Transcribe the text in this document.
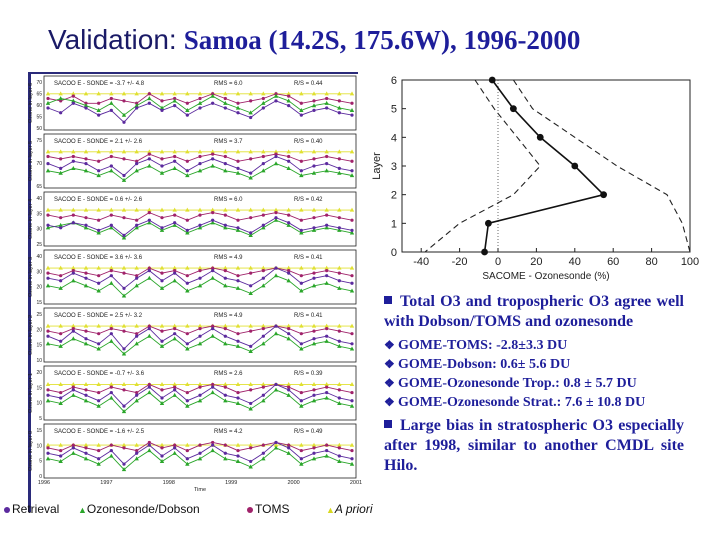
Validation: Samoa (14.2S, 175.6W), 1996-2000
Ozone in layer 6 70
65
60
55
50
SACOO E - SONDE = -3.7 +/- 4.8	RMS = 6.0	R/S = 0.44
Ozone in layer 5 75
70
65
SACOO E - SONDE = 2.1 +/- 2.6	RMS = 3.7	R/S = 0.40
Ozone in layer 4 40
35
30
25
SACOO E - SONDE = 0.6 +/- 2.6	RMS = 6.0	R/S = 0.42
Ozone in layer 3 40
30
20
15
SACOO E - SONDE = 3.6 +/- 3.6	RMS = 4.9	R/S = 0.41
Ozone in layer 2 25
20
15
10
SACOO E - SONDE = 2.5 +/- 3.2	RMS = 4.9	R/S = 0.41
Ozone in layer 1 20
15
10
5
SACOO E - SONDE = -0.7 +/- 3.6	RMS = 2.6	R/S = 0.39
Ozone in layer 0 15
10
5
0
SACOO E - SONDE = -1.6 +/- 2.5	RMS = 4.2	R/S = 0.49
1996	1997	1998	1999	2000	2001
Time
-40 -20 0	20 40 60 80 100
0
1
2
3
4
5
6
Layer
SACOME - Ozonesonde (%)
Retrieval ▲Ozonesonde/Dobson	TOMS	▲A priori
Total O3 and tropospheric O3 agree well with Dobson/TOMS and ozonesonde
❖ GOME-TOMS: -2.8±3.3 DU
❖ GOME-Dobson: 0.6± 5.6 DU
❖ GOME-Ozonesonde Trop.: 0.8 ± 5.7 DU
❖ GOME-Ozonesonde Strat.: 7.6 ± 10.8 DU
Large bias in stratospheric O3 especially after 1998, similar to another CMDL site Hilo.
